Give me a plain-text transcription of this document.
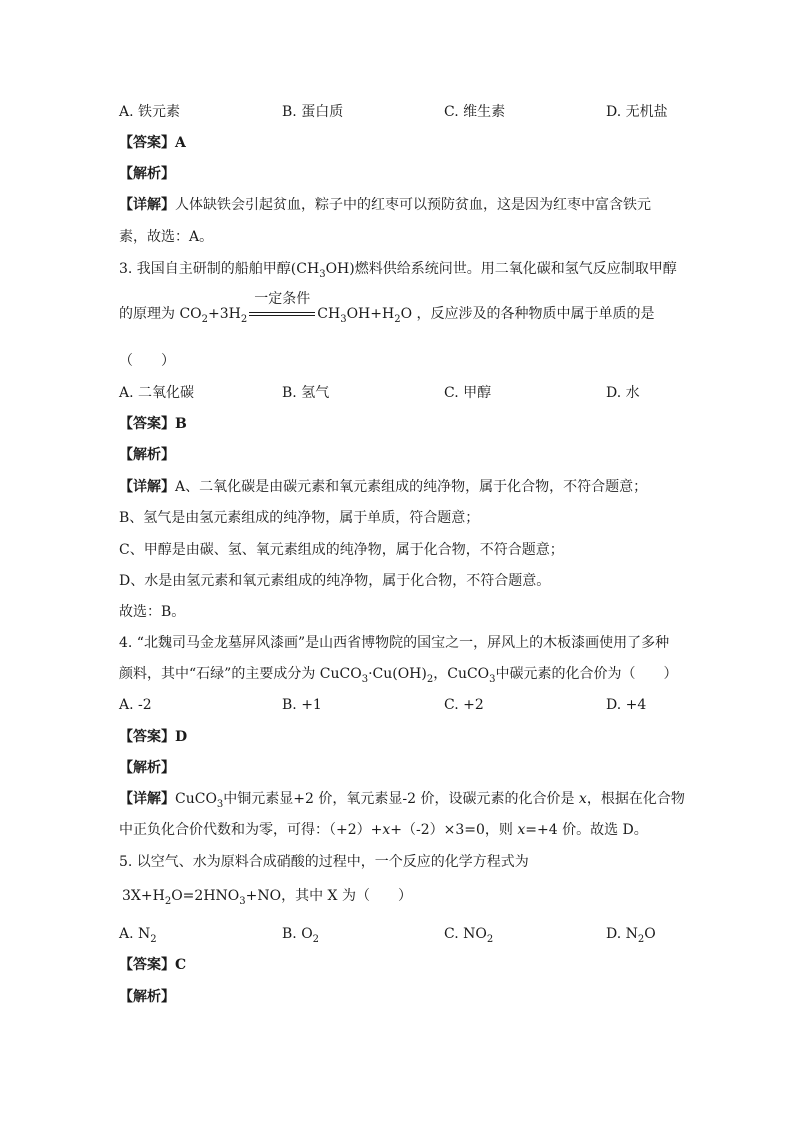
A. 铁元素	B. 蛋白质	C. 维生素	D. 无机盐
【答案】A
【解析】
【详解】人体缺铁会引起贫血，粽子中的红枣可以预防贫血，这是因为红枣中富含铁元
素，故选：A。
3. 我国自主研制的船舶甲醇$(CH_3OH)$燃料供给系统问世。用二氧化碳和氢气反应制取甲醇
的原理为 $CO_2+3H_2$
一定条件
$CH_3OH+H_2O$ ，反应涉及的各种物质中属于单质的是
（　　）
A. 二氧化碳	B. 氢气	C. 甲醇	D. 水
【答案】B
【解析】
【详解】A、二氧化碳是由碳元素和氧元素组成的纯净物，属于化合物，不符合题意；
B、氢气是由氢元素组成的纯净物，属于单质，符合题意；
C、甲醇是由碳、氢、氧元素组成的纯净物，属于化合物，不符合题意；
D、水是由氢元素和氧元素组成的纯净物，属于化合物，不符合题意。
故选：B。
4. “北魏司马金龙墓屏风漆画”是山西省博物院的国宝之一，屏风上的木板漆画使用了多种
颜料，其中“石绿”的主要成分为 $CuCO_3\cdot Cu(OH)_2$，CuCO$_3$中碳元素的化合价为（　　）
A. -2	B. +1	C. +2	D. +4
【答案】D
【解析】
【详解】CuCO$_3$中铜元素显+2 价，氧元素显-2 价，设碳元素的化合价是 x，根据在化合物
中正负化合价代数和为零，可得：（+2）+x+（-2）×3=0，则 x=+4 价。故选 D。
5. 以空气、水为原料合成硝酸的过程中，一个反应的化学方程式为
$3X+H_2O=2HNO_3+NO$，其中 X 为（　　）
A. $N_2$	B. $O_2$	C. $NO_2$	D. $N_2O$
【答案】C
【解析】
